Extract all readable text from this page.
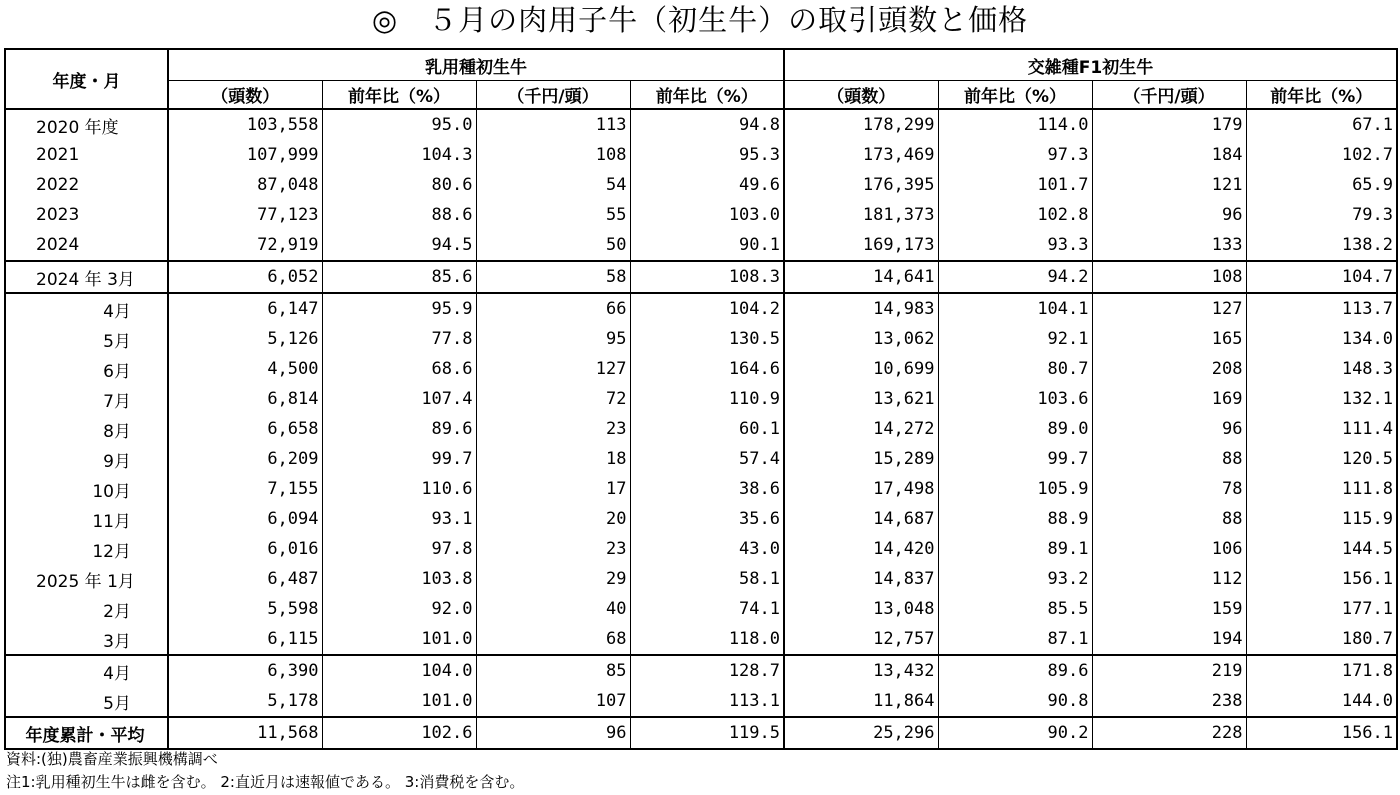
◎　５月の肉用子牛（初生牛）の取引頭数と価格
年度・月	乳用種初生牛				交雑種F1初生牛			
	（頭数）	前年比（%）	（千円/頭）	前年比（%）	（頭数）	前年比（%）	（千円/頭）	前年比（%）
2020 年度	103,558	95.0	113	94.8	178,299	114.0	179	67.1
2021	107,999	104.3	108	95.3	173,469	97.3	184	102.7
2022	87,048	80.6	54	49.6	176,395	101.7	121	65.9
2023	77,123	88.6	55	103.0	181,373	102.8	96	79.3
2024	72,919	94.5	50	90.1	169,173	93.3	133	138.2
2024 年 3月	6,052	85.6	58	108.3	14,641	94.2	108	104.7
4月	6,147	95.9	66	104.2	14,983	104.1	127	113.7
5月	5,126	77.8	95	130.5	13,062	92.1	165	134.0
6月	4,500	68.6	127	164.6	10,699	80.7	208	148.3
7月	6,814	107.4	72	110.9	13,621	103.6	169	132.1
8月	6,658	89.6	23	60.1	14,272	89.0	96	111.4
9月	6,209	99.7	18	57.4	15,289	99.7	88	120.5
10月	7,155	110.6	17	38.6	17,498	105.9	78	111.8
11月	6,094	93.1	20	35.6	14,687	88.9	88	115.9
12月	6,016	97.8	23	43.0	14,420	89.1	106	144.5
2025 年 1月	6,487	103.8	29	58.1	14,837	93.2	112	156.1
2月	5,598	92.0	40	74.1	13,048	85.5	159	177.1
3月	6,115	101.0	68	118.0	12,757	87.1	194	180.7
4月	6,390	104.0	85	128.7	13,432	89.6	219	171.8
5月	5,178	101.0	107	113.1	11,864	90.8	238	144.0
年度累計・平均	11,568	102.6	96	119.5	25,296	90.2	228	156.1
資料:(独)農畜産業振興機構調べ
注1:乳用種初生牛は雌を含む。 2:直近月は速報値である。 3:消費税を含む。
